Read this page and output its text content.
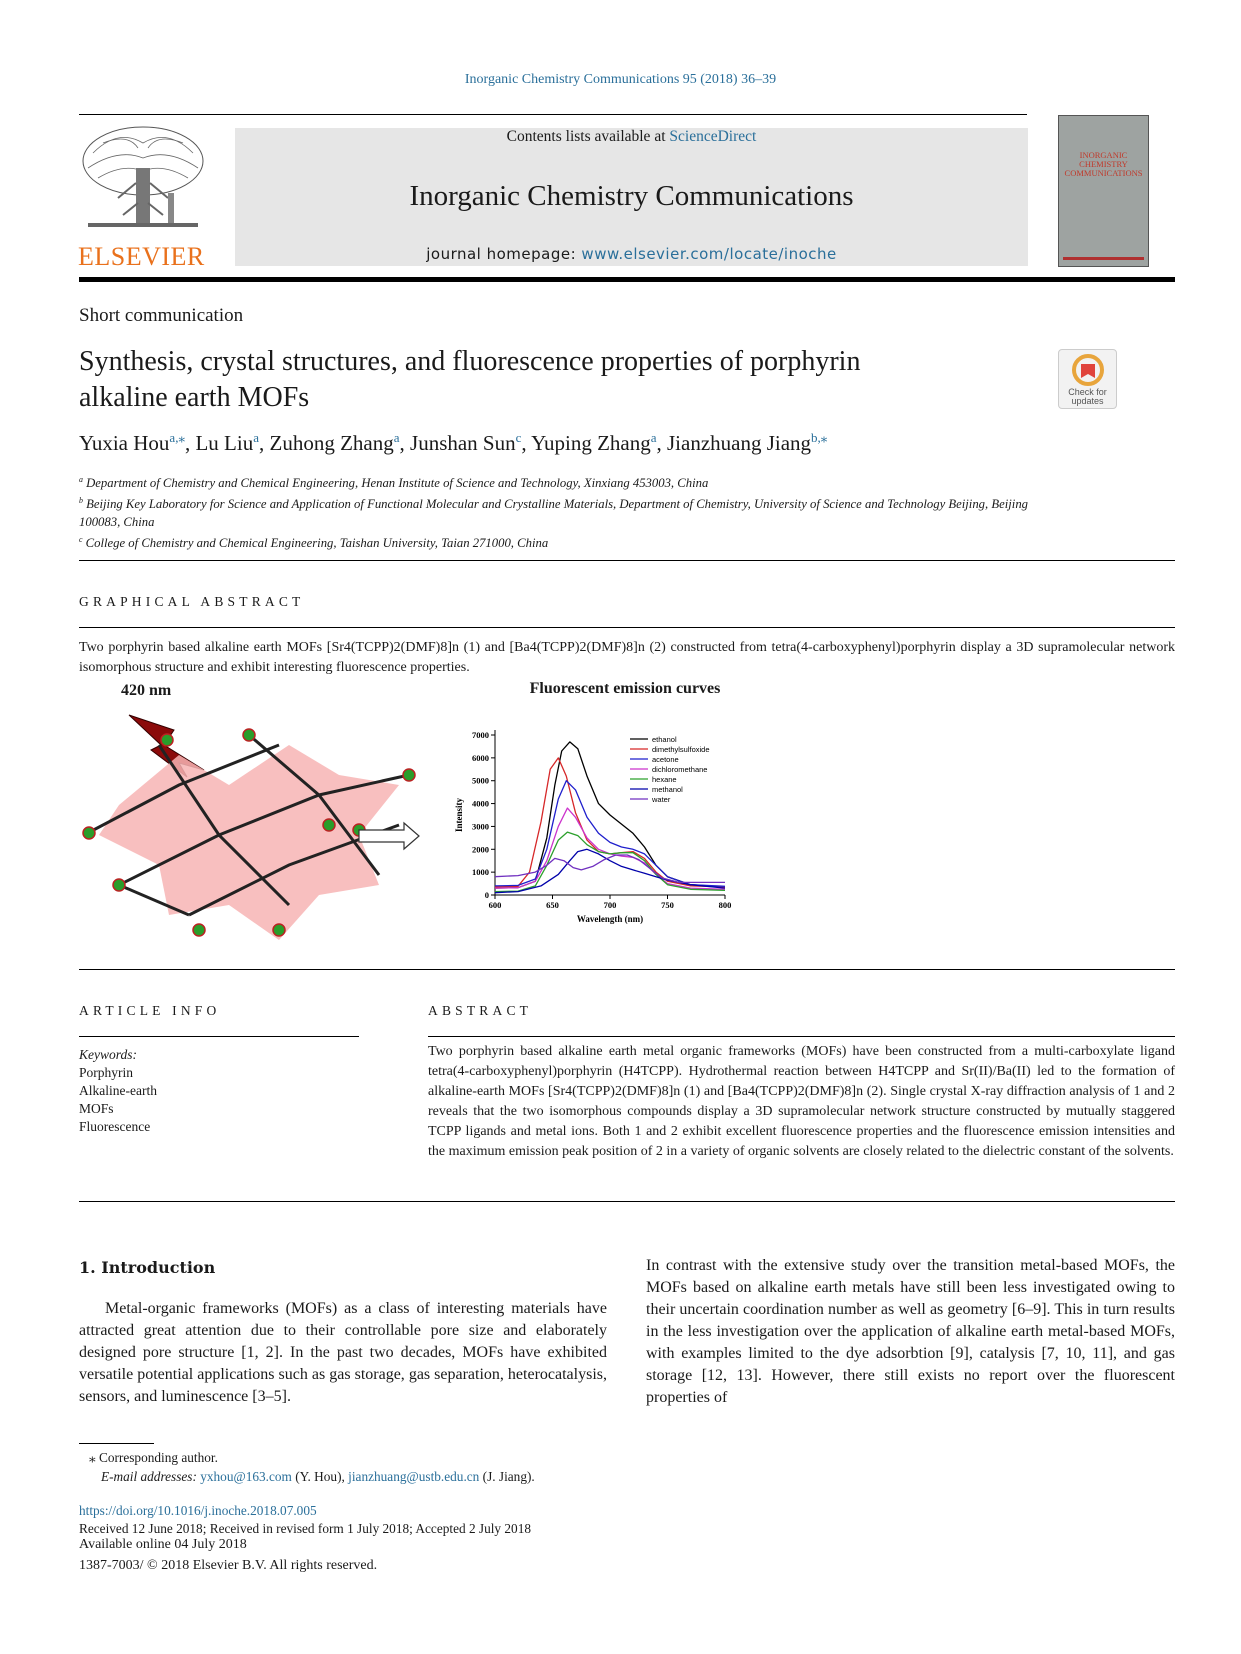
Inorganic Chemistry Communications 95 (2018) 36–39
ELSEVIER
Contents lists available at ScienceDirect
Inorganic Chemistry Communications
journal homepage: www.elsevier.com/locate/inoche
INORGANIC
CHEMISTRY
COMMUNICATIONS
Short communication
Synthesis, crystal structures, and fluorescence properties of porphyrin
alkaline earth MOFs	Check for updates
Yuxia Hou$^{a,⁎}$, Lu Liu$^a$, Zuhong Zhang$^a$, Junshan Sun$^c$, Yuping Zhang$^a$, Jianzhuang Jiang$^{b,⁎}$
$^a$ Department of Chemistry and Chemical Engineering, Henan Institute of Science and Technology, Xinxiang 453003, China
$^b$ Beijing Key Laboratory for Science and Application of Functional Molecular and Crystalline Materials, Department of Chemistry, University of Science and Technology Beijing, Beijing 100083, China
$^c$ College of Chemistry and Chemical Engineering, Taishan University, Taian 271000, China
GRAPHICAL ABSTRACT
Two porphyrin based alkaline earth MOFs [Sr4(TCPP)2(DMF)8]n (1) and [Ba4(TCPP)2(DMF)8]n (2) constructed from tetra(4-carboxyphenyl)porphyrin display a 3D supramolecular network isomorphous structure and exhibit interesting fluorescence properties.
420 nm	Fluorescent emission curves
600	650	700	750	800
0
1000
2000
3000
4000
5000
6000
7000
Wavelength (nm)
Intensity
ethanol
dimethylsulfoxide
acetone
dichloromethane
hexane
methanol
water
ARTICLE INFO
Keywords:
Porphyrin
Alkaline-earth
MOFs
Fluorescence
ABSTRACT
Two porphyrin based alkaline earth metal organic frameworks (MOFs) have been constructed from a multi-carboxylate ligand tetra(4-carboxyphenyl)porphyrin (H4TCPP). Hydrothermal reaction between H4TCPP and Sr(II)/Ba(II) led to the formation of alkaline-earth MOFs [Sr4(TCPP)2(DMF)8]n (1) and [Ba4(TCPP)2(DMF)8]n (2). Single crystal X-ray diffraction analysis of 1 and 2 reveals that the two isomorphous compounds display a 3D supramolecular network structure constructed by mutually staggered TCPP ligands and metal ions. Both 1 and 2 exhibit excellent fluorescence properties and the fluorescence emission intensities and the maximum emission peak position of 2 in a variety of organic solvents are closely related to the dielectric constant of the solvents.
1. Introduction
Metal-organic frameworks (MOFs) as a class of interesting materials have attracted great attention due to their controllable pore size and elaborately designed pore structure [1, 2]. In the past two decades, MOFs have exhibited versatile potential applications such as gas storage, gas separation, heterocatalysis, sensors, and luminescence [3–5].
In contrast with the extensive study over the transition metal-based MOFs, the MOFs based on alkaline earth metals have still been less investigated owing to their uncertain coordination number as well as geometry [6–9]. This in turn results in the less investigation over the application of alkaline earth metal-based MOFs, with examples limited to the dye adsorbtion [9], catalysis [7, 10, 11], and gas storage [12, 13]. However, there still exists no report over the fluorescent properties of
⁎ Corresponding author.
E-mail addresses: yxhou@163.com (Y. Hou), jianzhuang@ustb.edu.cn (J. Jiang).
https://doi.org/10.1016/j.inoche.2018.07.005
Received 12 June 2018; Received in revised form 1 July 2018; Accepted 2 July 2018
Available online 04 July 2018
1387-7003/ © 2018 Elsevier B.V. All rights reserved.
